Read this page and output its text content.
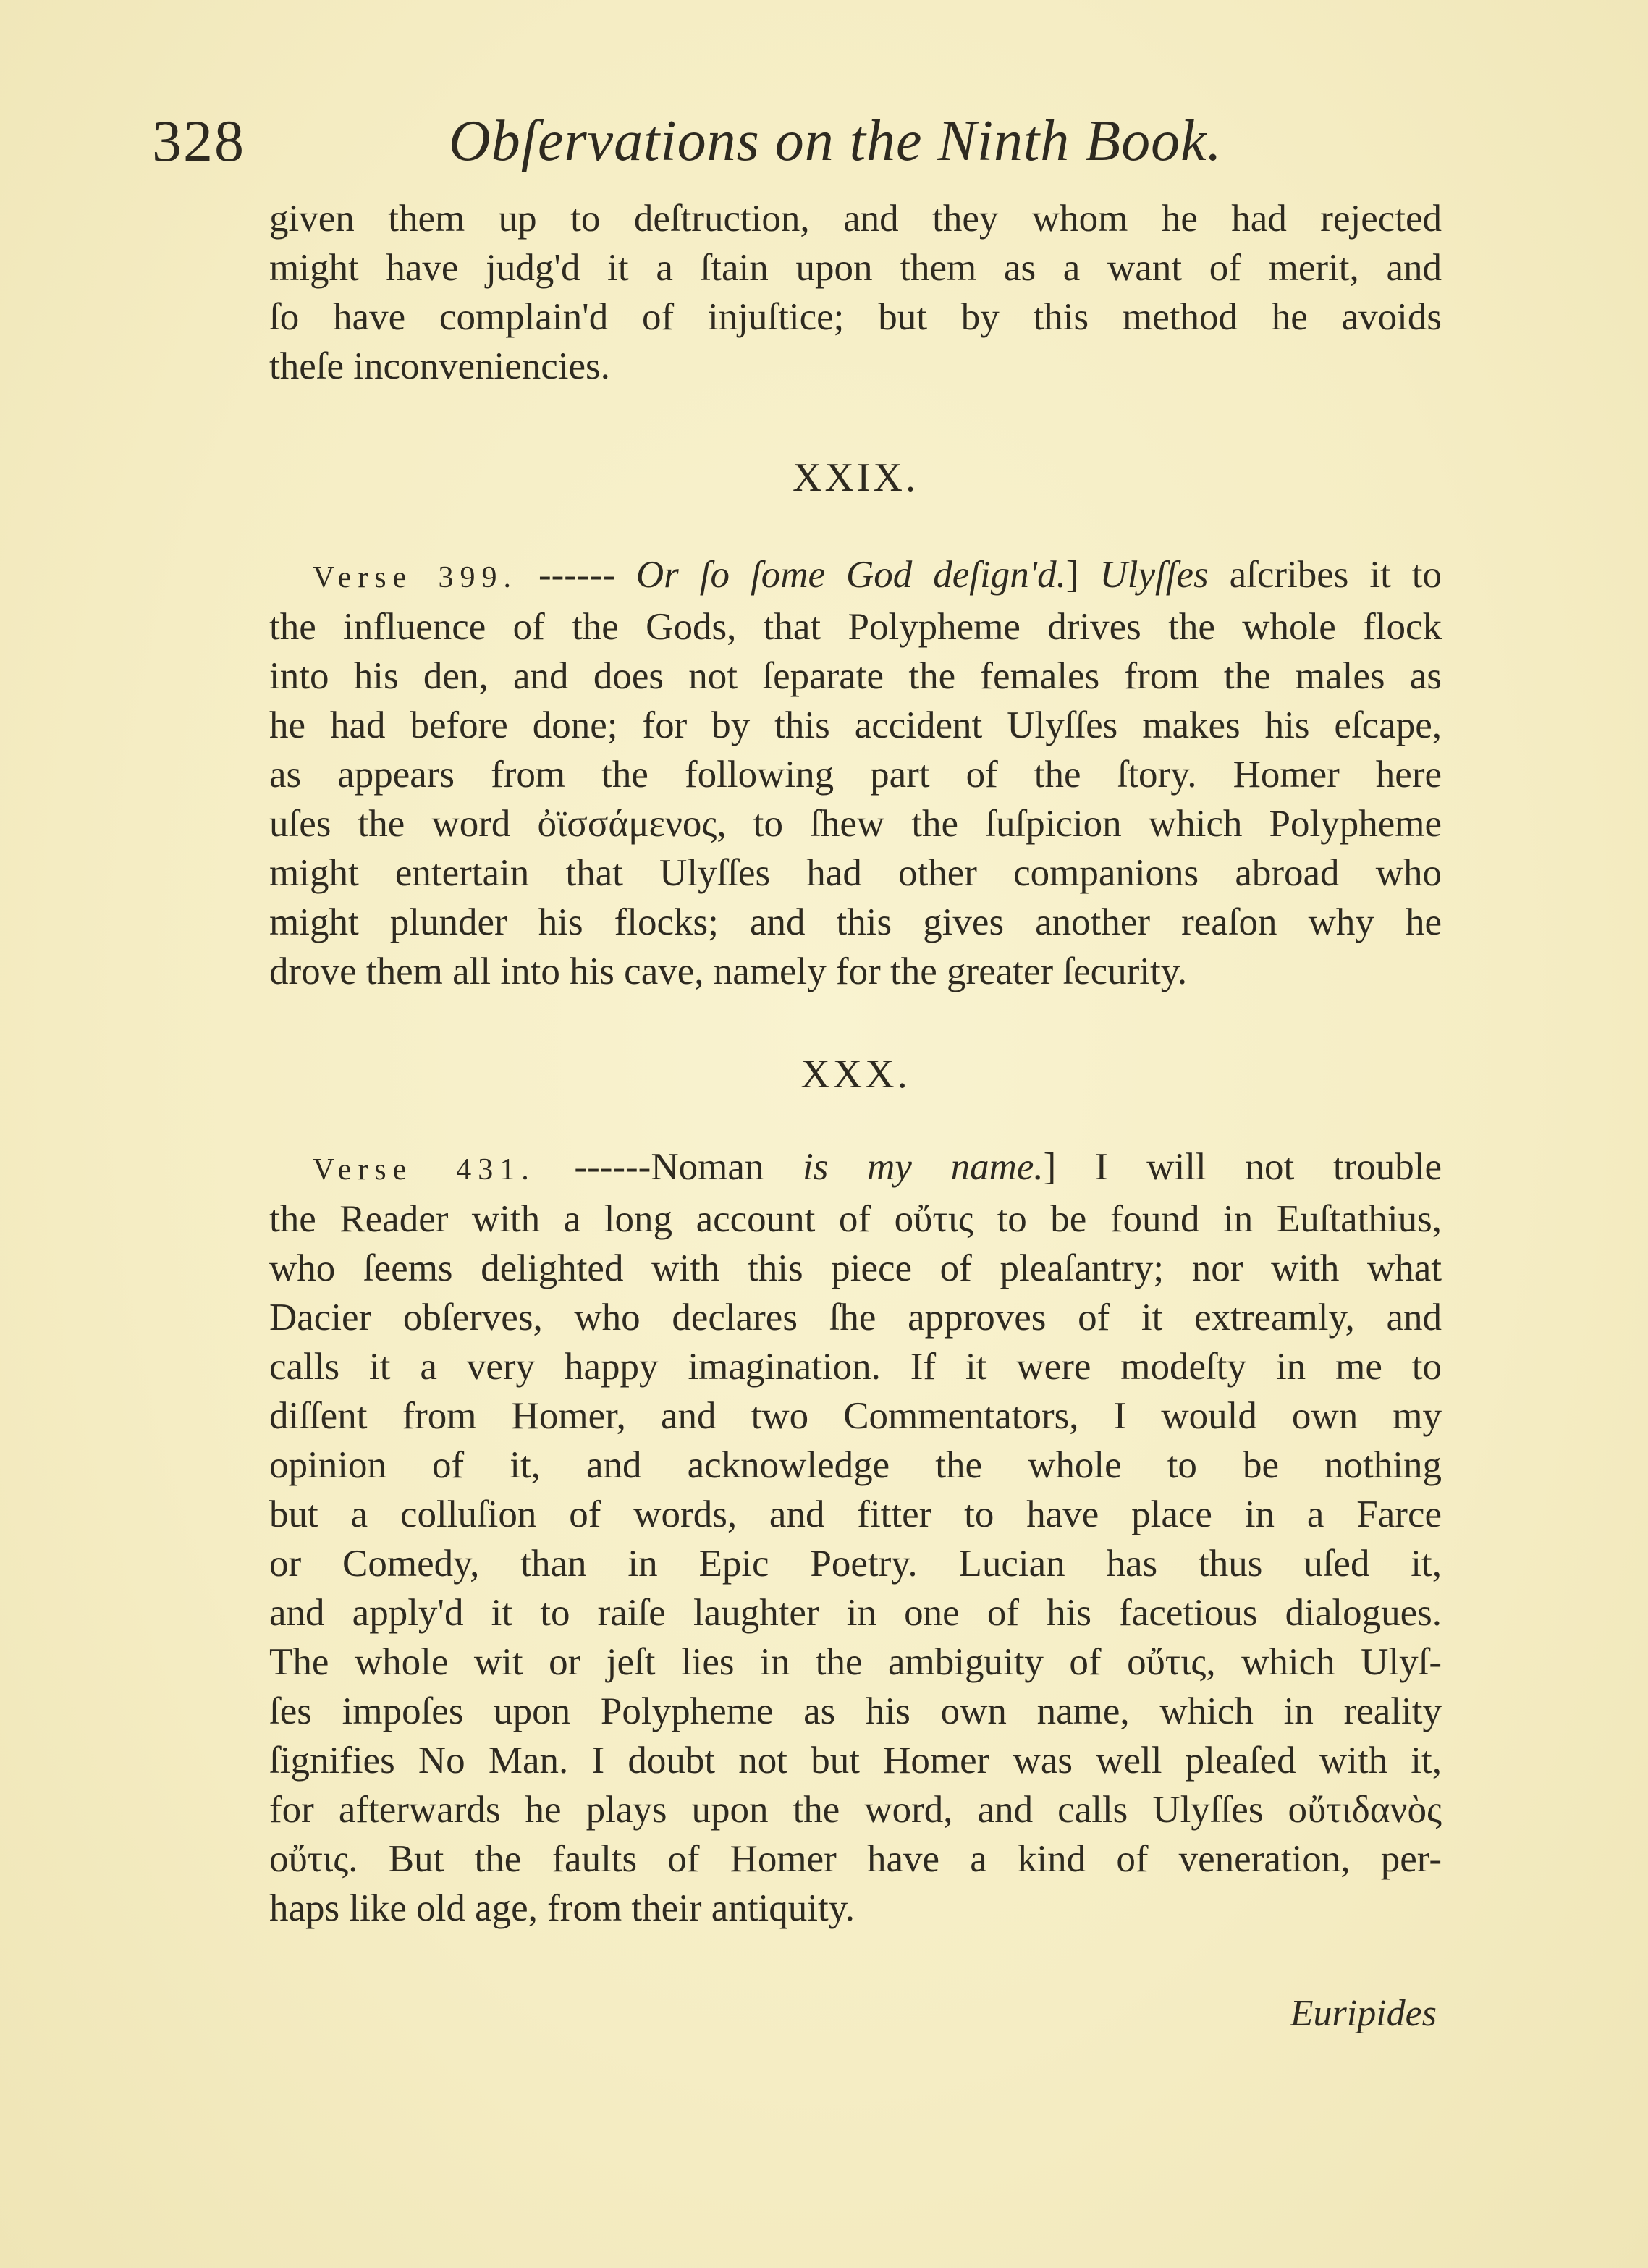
328	Obſervations on the Ninth Book.
given them up to deſtruction, and they whom he had rejected
might have judg'd it a ſtain upon them as a want of merit, and
ſo have complain'd of injuſtice; but by this method he avoids
theſe inconveniencies.
XXIX.
Verse 399. ------ Or ſo ſome God deſign'd.] Ulyſſes aſcribes it to
the influence of the Gods, that Polypheme drives the whole flock
into his den, and does not ſeparate the females from the males as
he had before done; for by this accident Ulyſſes makes his eſcape,
as appears from the following part of the ſtory. Homer here
uſes the word ὀϊσσάμενος, to ſhew the ſuſpicion which Polypheme
might entertain that Ulyſſes had other companions abroad who
might plunder his flocks; and this gives another reaſon why he
drove them all into his cave, namely for the greater ſecurity.
XXX.
Verse 431. ------Noman is my name.] I will not trouble
the Reader with a long account of οὔτις to be found in Euſtathius,
who ſeems delighted with this piece of pleaſantry; nor with what
Dacier obſerves, who declares ſhe approves of it extreamly, and
calls it a very happy imagination. If it were modeſty in me to
diſſent from Homer, and two Commentators, I would own my
opinion of it, and acknowledge the whole to be nothing
but a colluſion of words, and fitter to have place in a Farce
or Comedy, than in Epic Poetry. Lucian has thus uſed it,
and apply'd it to raiſe laughter in one of his facetious dialogues.
The whole wit or jeſt lies in the ambiguity of οὔτις, which Ulyſ-
ſes impoſes upon Polypheme as his own name, which in reality
ſignifies No Man. I doubt not but Homer was well pleaſed with it,
for afterwards he plays upon the word, and calls Ulyſſes οὔτιδανὸς
οὔτις. But the faults of Homer have a kind of veneration, per-
haps like old age, from their antiquity.
Euripides
